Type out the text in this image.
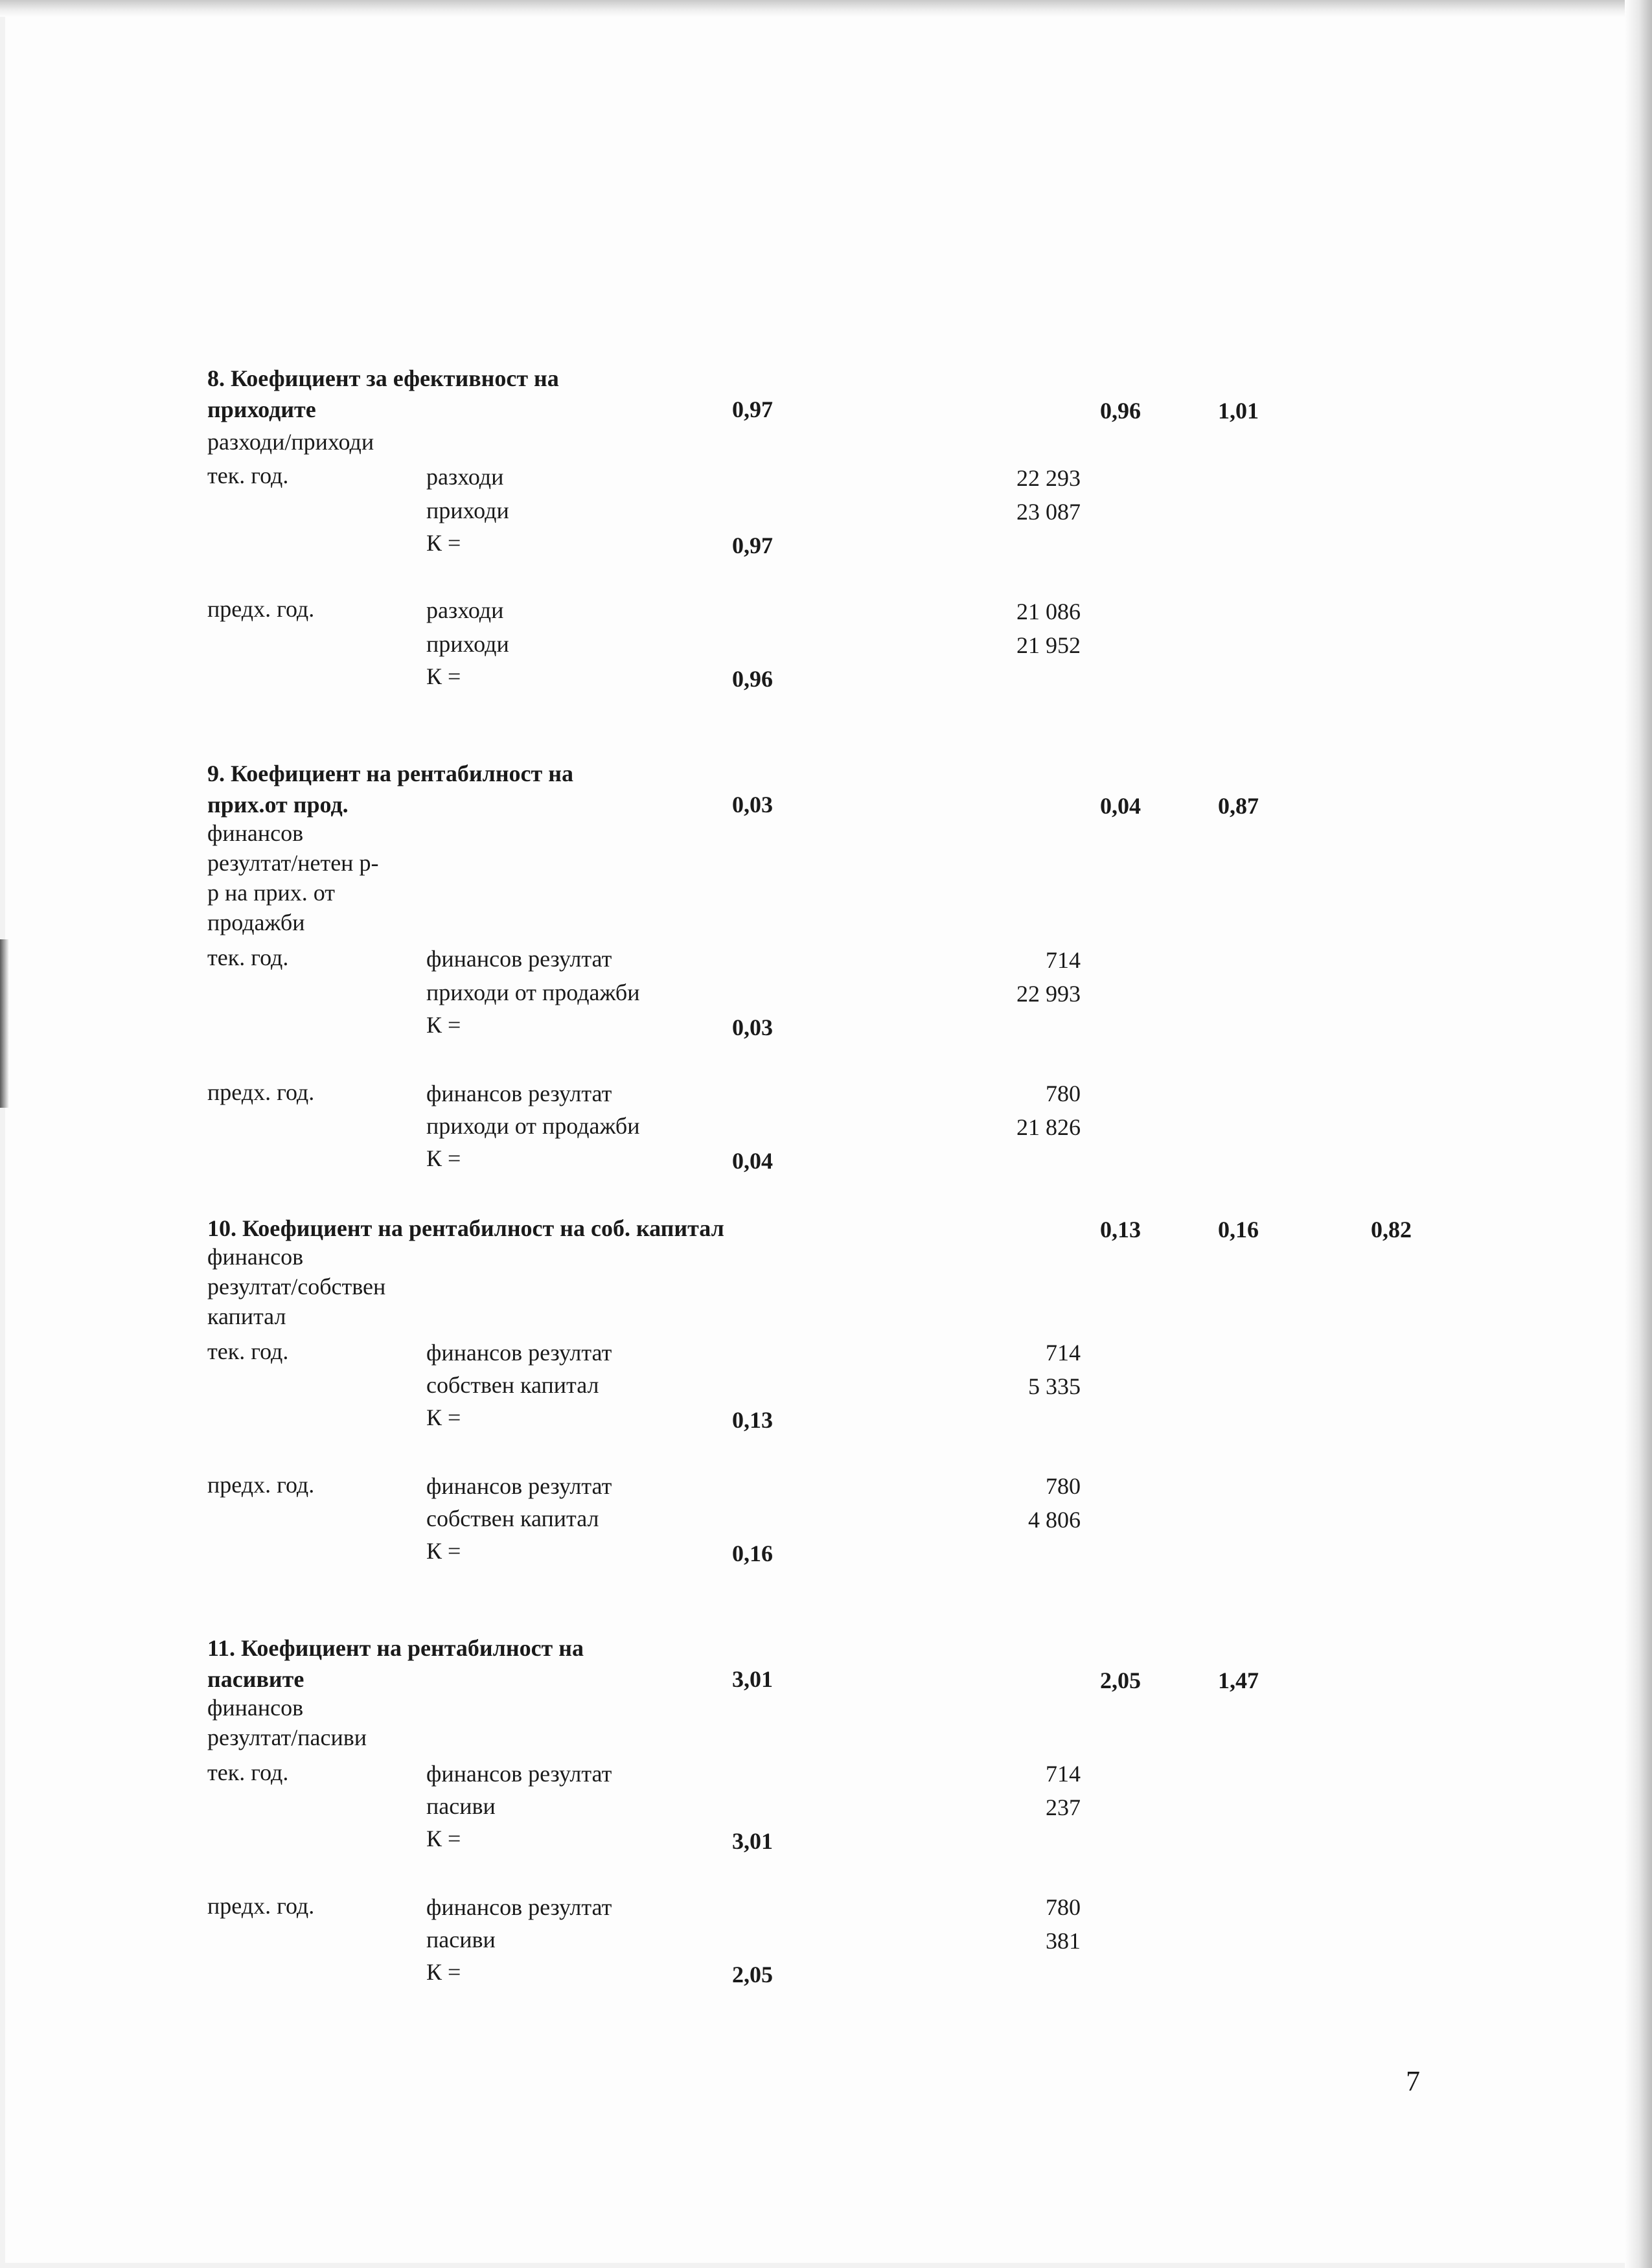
8. Коефициент за ефективност на
приходите	0,97	0,96	1,01
разходи/приходи
тек. год.	разходи	22 293
приходи	23 087
К =	0,97
предх. год.	разходи	21 086
приходи	21 952
К =	0,96
9. Коефициент на рентабилност на
прих.от прод.	0,03	0,04	0,87
финансов
резултат/нетен р-
р на прих. от
продажби
тек. год.	финансов резултат	714
приходи от продажби	22 993
К =	0,03
предх. год.	финансов резултат	780
приходи от продажби	21 826
К =	0,04
10. Коефициент на рентабилност на соб. капитал	0,13	0,16	0,82
финансов
резултат/собствен
капитал
тек. год.	финансов резултат	714
собствен капитал	5 335
К =	0,13
предх. год.	финансов резултат	780
собствен капитал	4 806
К =	0,16
11. Коефициент на рентабилност на
пасивите	3,01	2,05	1,47
финансов
резултат/пасиви
тек. год.	финансов резултат	714
пасиви	237
К =	3,01
предх. год.	финансов резултат	780
пасиви	381
К =	2,05
7
